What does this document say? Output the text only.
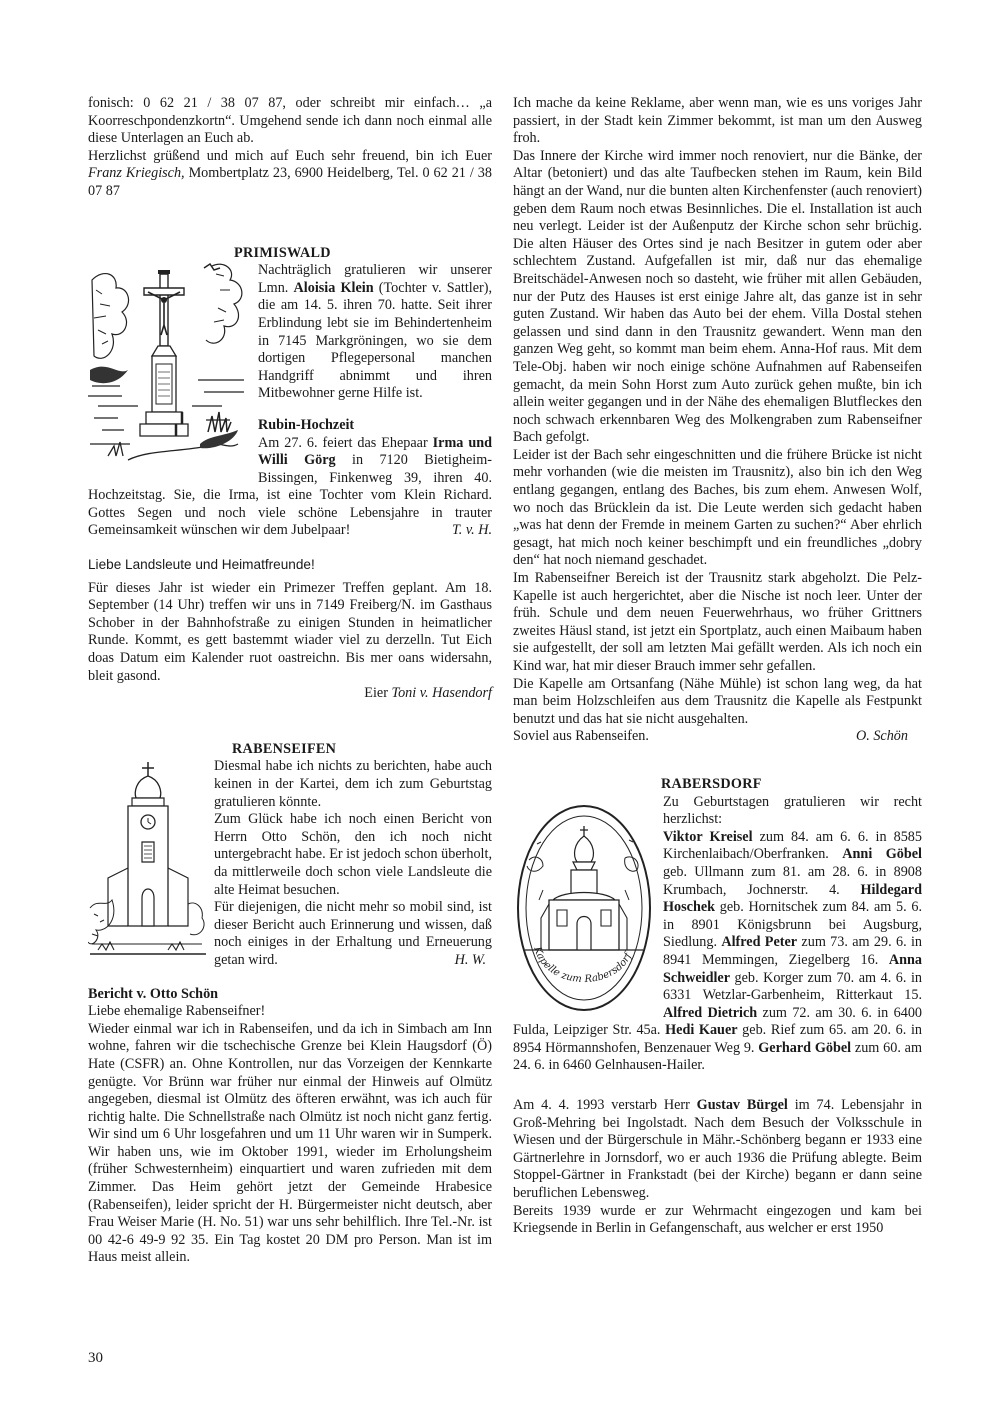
fonisch: 0 62 21 / 38 07 87, oder schreibt mir einfach… „a Koorreschpondenzkortn“. Umgehend sende ich dann noch einmal alle diese Unterlagen an Euch ab.

Herzlichst grüßend und mich auf Euch sehr freuend, bin ich Euer Franz Kriegisch, Mombertplatz 23, 6900 Heidelberg, Tel. 0 62 21 / 38 07 87

PRIMISWALD

Nachträglich gratulieren wir unserer Lmn. Aloisia Klein (Tochter v. Sattler), die am 14. 5. ihren 70. hatte. Seit ihrer Erblindung lebt sie im Behindertenheim in 7145 Markgröningen, wo sie dem dortigen Pflegepersonal manchen Handgriff abnimmt und ihren Mitbewohner gerne Hilfe ist.

Rubin-Hochzeit

Am 27. 6. feiert das Ehepaar Irma und Willi Görg in 7120 Bietigheim-Bissingen, Finkenweg 39, ihren 40. Hochzeitstag. Sie, die Irma, ist eine Tochter vom Klein Richard. Gottes Segen und noch viele schöne Lebensjahre in trauter Gemeinsamkeit wünschen wir dem Jubelpaar!	T. v. H.

Liebe Landsleute und Heimatfreunde!

Für dieses Jahr ist wieder ein Primezer Treffen geplant. Am 18. September (14 Uhr) treffen wir uns in 7149 Freiberg/N. im Gasthaus Schober in der Bahnhofstraße zu einigen Stunden in heimatlicher Runde. Kommt, es gett bastemmt wiader viel zu derzelln. Tut Eich doas Datum eim Kalender ruot oastreichn. Bis mer oans widersahn, bleit gasond.

Eier Toni v. Hasendorf

RABENSEIFEN

Diesmal habe ich nichts zu berichten, habe auch keinen in der Kartei, dem ich zum Geburtstag gratulieren könnte.

Zum Glück habe ich noch einen Bericht von Herrn Otto Schön, den ich noch nicht untergebracht habe. Er ist jedoch schon überholt, da mittlerweile doch schon viele Landsleute die alte Heimat besuchen.

Für diejenigen, die nicht mehr so mobil sind, ist dieser Bericht auch Erinnerung und wissen, daß noch einiges in der Erhaltung und Erneuerung getan wird.	H. W.

Bericht v. Otto Schön

Liebe ehemalige Rabenseifner!

Wieder einmal war ich in Rabenseifen, und da ich in Simbach am Inn wohne, fahren wir die tschechische Grenze bei Klein Haugsdorf (Ö) Hate (CSFR) an. Ohne Kontrollen, nur das Vorzeigen der Kennkarte genügte. Vor Brünn war früher nur einmal der Hinweis auf Olmütz angegeben, diesmal ist Olmütz des öfteren erwähnt, was ich auch für richtig halte. Die Schnellstraße nach Olmütz ist noch nicht ganz fertig. Wir sind um 6 Uhr losgefahren und um 11 Uhr waren wir in Sumperk. Wir haben uns, wie im Oktober 1991, wieder im Erholungsheim (früher Schwesternheim) einquartiert und waren zufrieden mit dem Zimmer. Das Heim gehört jetzt der Gemeinde Hrabesice (Rabenseifen), leider spricht der H. Bürgermeister nicht deutsch, aber Frau Weiser Marie (H. No. 51) war uns sehr behilflich. Ihre Tel.-Nr. ist 00 42-6 49-9 92 35. Ein Tag kostet 20 DM pro Person. Man ist im Haus meist allein.

Ich mache da keine Reklame, aber wenn man, wie es uns voriges Jahr passiert, in der Stadt kein Zimmer bekommt, ist man um den Ausweg froh.

Das Innere der Kirche wird immer noch renoviert, nur die Bänke, der Altar (betoniert) und das alte Taufbecken stehen im Raum, kein Bild hängt an der Wand, nur die bunten alten Kirchenfenster (auch renoviert) geben dem Raum noch etwas Besinnliches. Die el. Installation ist auch neu verlegt. Leider ist der Außenputz der Kirche schon sehr brüchig. Die alten Häuser des Ortes sind je nach Besitzer in gutem oder aber schlechtem Zustand. Aufgefallen ist mir, daß nur das ehemalige Breitschädel-Anwesen noch so dasteht, wie früher mit allen Gebäuden, nur der Putz des Hauses ist erst einige Jahre alt, das ganze ist in sehr guten Zustand. Wir haben das Auto bei der ehem. Villa Dostal stehen gelassen und sind dann in den Trausnitz gewandert. Wenn man den ganzen Weg geht, so kommt man beim ehem. Anna-Hof raus. Mit dem Tele-Obj. haben wir noch einige schöne Aufnahmen auf Rabenseifen gemacht, da mein Sohn Horst zum Auto zurück gehen mußte, bin ich allein weiter gegangen und in der Nähe des ehemaligen Blutfleckes den noch schwach erkennbaren Weg des Molkengraben zum Rabenseifner Bach gefolgt.

Leider ist der Bach sehr eingeschnitten und die frühere Brücke ist nicht mehr vorhanden (wie die meisten im Trausnitz), also bin ich den Weg entlang gegangen, entlang des Baches, bis zum ehem. Anwesen Wolf, wo noch das Brücklein da ist. Die Leute werden sich gedacht haben „was hat denn der Fremde in meinem Garten zu suchen?“ Aber ehrlich gesagt, hat mich noch keiner beschimpft und ein freundliches „dobry den“ hat noch niemand geschadet.

Im Rabenseifner Bereich ist der Trausnitz stark abgeholzt. Die Pelz-Kapelle ist auch hergerichtet, aber die Nische ist noch leer. Unter der früh. Schule und dem neuen Feuerwehrhaus, wo früher Grittners zweites Häusl stand, ist jetzt ein Sportplatz, auch einen Maibaum haben sie aufgestellt, der soll am letzten Mai gefällt werden. Als ich noch ein Kind war, hat mir dieser Brauch immer sehr gefallen.

Die Kapelle am Ortsanfang (Nähe Mühle) ist schon lang weg, da hat man beim Holzschleifen aus dem Trausnitz die Kapelle als Festpunkt benutzt und das hat sie nicht ausgehalten.

Soviel aus Rabenseifen.	O. Schön

RABERSDORF
Kapelle zum Rabersdorf

Zu Geburtstagen gratulieren wir recht herzlichst:

Viktor Kreisel zum 84. am 6. 6. in 8585 Kirchenlaibach/Oberfranken. Anni Göbel geb. Ullmann zum 81. am 28. 6. in 8908 Krumbach, Jochnerstr. 4. Hildegard Hoschek geb. Hornitschek zum 84. am 5. 6. in 8901 Königsbrunn bei Augsburg, Siedlung. Alfred Peter zum 73. am 29. 6. in 8941 Memmingen, Ziegelberg 16. Anna Schweidler geb. Korger zum 70. am 4. 6. in 6331 Wetzlar-Garbenheim, Ritterkaut 15. Alfred Dietrich zum 72. am 30. 6. in 6400 Fulda, Leipziger Str. 45a. Hedi Kauer geb. Rief zum 65. am 20. 6. in 8954 Hörmannshofen, Benzenauer Weg 9. Gerhard Göbel zum 60. am 24. 6. in 6460 Gelnhausen-Hailer.

Am 4. 4. 1993 verstarb Herr Gustav Bürgel im 74. Lebensjahr in Groß-Mehring bei Ingolstadt. Nach dem Besuch der Volksschule in Wiesen und der Bürgerschule in Mähr.-Schönberg begann er 1933 eine Gärtnerlehre in Jornsdorf, wo er auch 1936 die Prüfung ablegte. Beim Stoppel-Gärtner in Frankstadt (bei der Kirche) begann er dann seine beruflichen Lebensweg.

Bereits 1939 wurde er zur Wehrmacht eingezogen und kam bei Kriegsende in Berlin in Gefangenschaft, aus welcher er erst 1950

30
